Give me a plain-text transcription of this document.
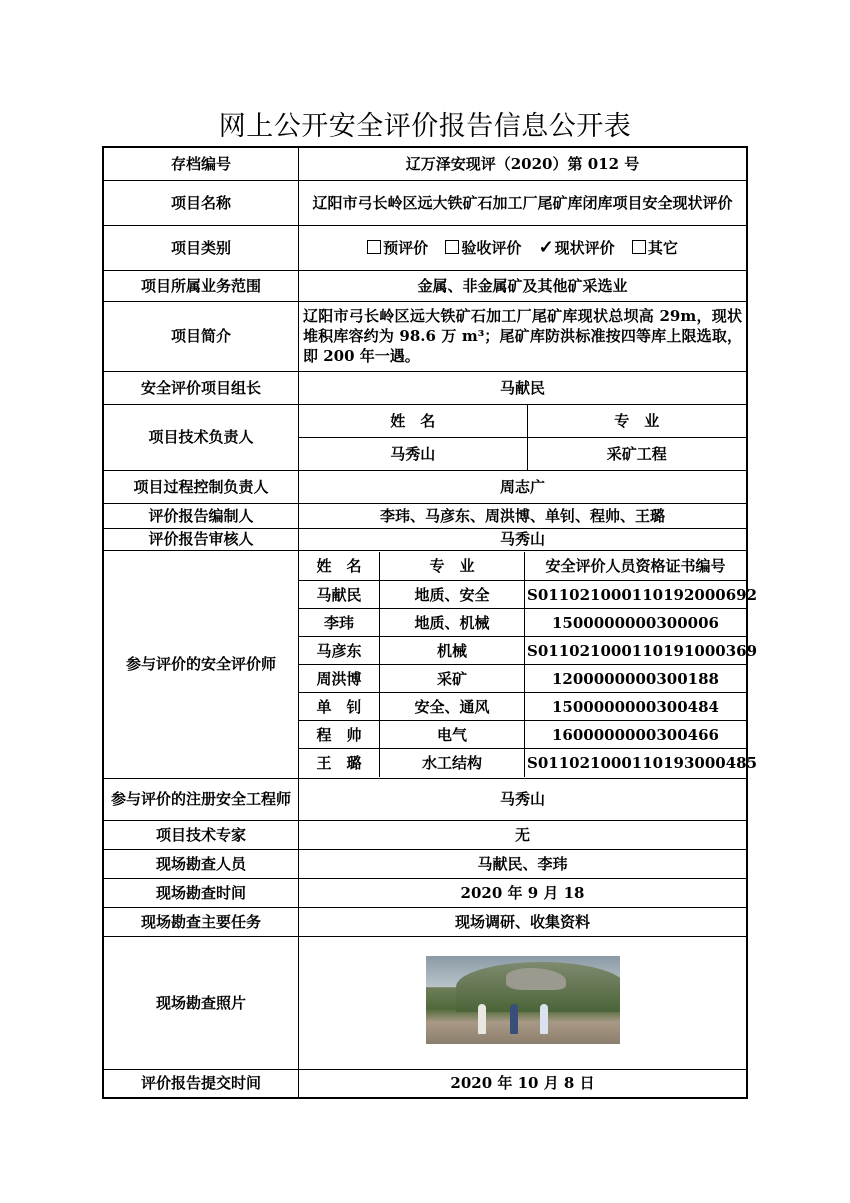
网上公开安全评价报告信息公开表
存档编号	辽万泽安现评（2020）第 012 号
项目名称	辽阳市弓长岭区远大铁矿石加工厂尾矿库闭库项目安全现状评价
项目类别	预评价 验收评价 ✓现状评价 其它
项目所属业务范围	金属、非金属矿及其他矿采选业
项目简介	辽阳市弓长岭区远大铁矿石加工厂尾矿库现状总坝高 29m，现状堆积库容约为 98.6 万 m³；尾矿库防洪标准按四等库上限选取，即 200 年一遇。
安全评价项目组长	马献民
项目技术负责人	
姓　名	专　业
马秀山	采矿工程

项目过程控制负责人	周志广
评价报告编制人	李玮、马彦东、周洪博、单钊、程帅、王璐
评价报告审核人	马秀山
参与评价的安全评价师	
姓　名	专　业	安全评价人员资格证书编号
马献民	地质、安全	S011021000110192000692
李玮	地质、机械	1500000000300006
马彦东	机械	S011021000110191000369
周洪博	采矿	1200000000300188
单　钊	安全、通风	1500000000300484
程　帅	电气	1600000000300466
王　璐	水工结构	S011021000110193000485

参与评价的注册安全工程师	马秀山
项目技术专家	无
现场勘查人员	马献民、李玮
现场勘查时间	2020 年 9 月 18
现场勘查主要任务	现场调研、收集资料
现场勘查照片	

评价报告提交时间	2020 年 10 月 8 日
